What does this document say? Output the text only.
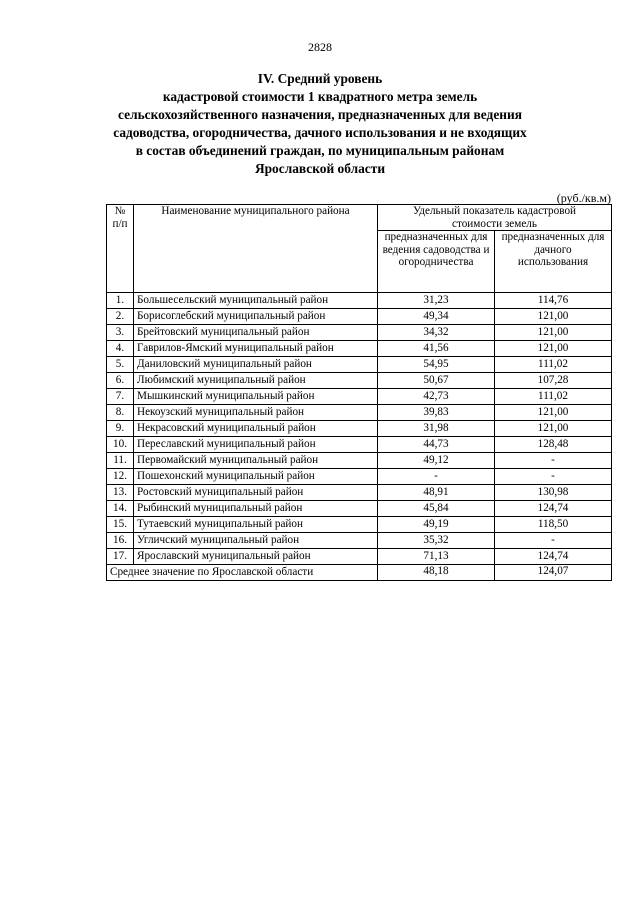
2828
IV. Средний уровень
кадастровой стоимости 1 квадратного метра земель
сельскохозяйственного назначения, предназначенных для ведения
садоводства, огородничества, дачного использования и не входящих
в состав объединений граждан, по муниципальным районам
Ярославской области
(руб./кв.м)
№ п/п	Наименование муниципального района	Удельный показатель кадастровой стоимости земель	
		предназначенных для ведения садоводства и огородничества	предназначенных для дачного использования
1.	Большесельский муниципальный район	31,23	114,76
2.	Борисоглебский муниципальный район	49,34	121,00
3.	Брейтовский муниципальный район	34,32	121,00
4.	Гаврилов-Ямский муниципальный район	41,56	121,00
5.	Даниловский муниципальный район	54,95	111,02
6.	Любимский муниципальный район	50,67	107,28
7.	Мышкинский муниципальный район	42,73	111,02
8.	Некоузский муниципальный район	39,83	121,00
9.	Некрасовский муниципальный район	31,98	121,00
10.	Переславский муниципальный район	44,73	128,48
11.	Первомайский муниципальный район	49,12	-
12.	Пошехонский муниципальный район	-	-
13.	Ростовский муниципальный район	48,91	130,98
14.	Рыбинский муниципальный район	45,84	124,74
15.	Тутаевский муниципальный район	49,19	118,50
16.	Угличский муниципальный район	35,32	-
17.	Ярославский муниципальный район	71,13	124,74
Среднее значение по Ярославской области		48,18	124,07
